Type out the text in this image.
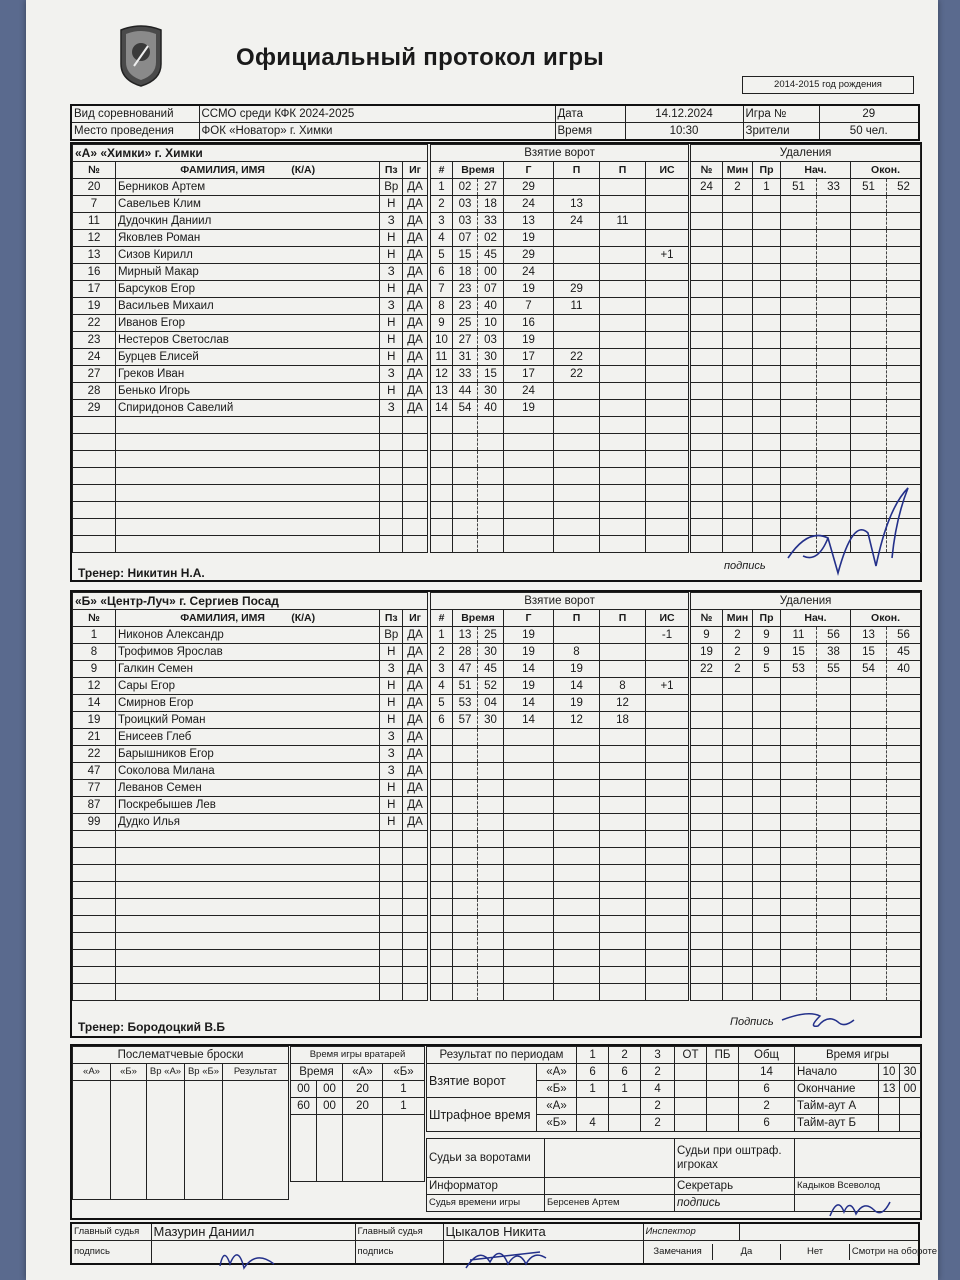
Официальный протокол игры
2014-2015 год рождения
Вид соревнований	ССМО среди КФК 2024-2025	Дата	14.12.2024	Игра №	29
Место проведения	ФОК «Новатор» г. Химки	Время	10:30	Зрители	50 чел.
«А» «Химки» г. Химки			
№	ФАМИЛИЯ, ИМЯ (К/А)	Пз	Иг
20	Берников Артем		Вр	ДА
7	Савельев Клим		Н	ДА
11	Дудочкин Даниил		З	ДА
12	Яковлев Роман		Н	ДА
13	Сизов Кирилл		Н	ДА
16	Мирный Макар		З	ДА
17	Барсуков Егор		Н	ДА
19	Васильев Михаил		З	ДА
22	Иванов Егор		Н	ДА
23	Нестеров Светослав		Н	ДА
24	Бурцев Елисей		Н	ДА
27	Греков Иван		З	ДА
28	Бенько Игорь		Н	ДА
29	Спиридонов Савелий		З	ДА

Взятие ворот						
#	Время		Г	П	П	ИС
1	02	27	29			
2	03	18	24	13		
3	03	33	13	24	11	
4	07	02	19			
5	15	45	29			+1
6	18	00	24			
7	23	07	19	29		
8	23	40	7	11		
9	25	10	16			
10	27	03	19			
11	31	30	17	22		
12	33	15	17	22		
13	44	30	24			
14	54	40	19			

Удаления						
№	Мин	Пр	Нач.		Окон.	
24	2	1	51	33	51	52

Тренер: Никитин Н.А.	подпись
«Б» «Центр-Луч» г. Сергиев Посад			
№	ФАМИЛИЯ, ИМЯ (К/А)	Пз	Иг
1	Никонов Александр		Вр	ДА
8	Трофимов Ярослав		Н	ДА
9	Галкин Семен		З	ДА
12	Сары Егор		Н	ДА
14	Смирнов Егор		Н	ДА
19	Троицкий Роман		Н	ДА
21	Енисеев Глеб		З	ДА
22	Барышников Егор		З	ДА
47	Соколова Милана		З	ДА
77	Леванов Семен		Н	ДА
87	Поскребышев Лев		Н	ДА
99	Дудко Илья		Н	ДА

Взятие ворот						
#	Время		Г	П	П	ИС
1	13	25	19			-1
2	28	30	19	8		
3	47	45	14	19		
4	51	52	19	14	8	+1
5	53	04	14	19	12	
6	57	30	14	12	18	

Удаления						
№	Мин	Пр	Нач.		Окон.	
9	2	9	11	56	13	56
19	2	9	15	38	15	45
22	2	5	53	55	54	40

Тренер: Бородоцкий В.Б	Подпись
Послематчевые броски				
«А»	«Б»	Вр «А»	Вр «Б»	Результат

Время игры вратарей			
Время		«А»	«Б»
00	00	20	1
60	00	20	1

Результат по периодам		1	2	3	ОТ	ПБ	Общ
Взятие ворот	«А»	6	6	2			14
	«Б»	1	1	4			6
Штрафное время	«А»			2			2
	«Б»	4		2			6
Время игры		
Начало	10	30
Окончание	13	00
Тайм-аут А		
Тайм-аут Б		
Судьи за воротами		Судьи при оштраф. игроках	
Информатор		Секретарь	Кадыков Всеволод
Судья времени игры	Берсенев Артем	подпись	
Главный судья	Мазурин Даниил	Главный судья	Цыкалов Никита	Инспектор	
подпись		подпись			Замечания	Да	Нет	Смотри на обороте
